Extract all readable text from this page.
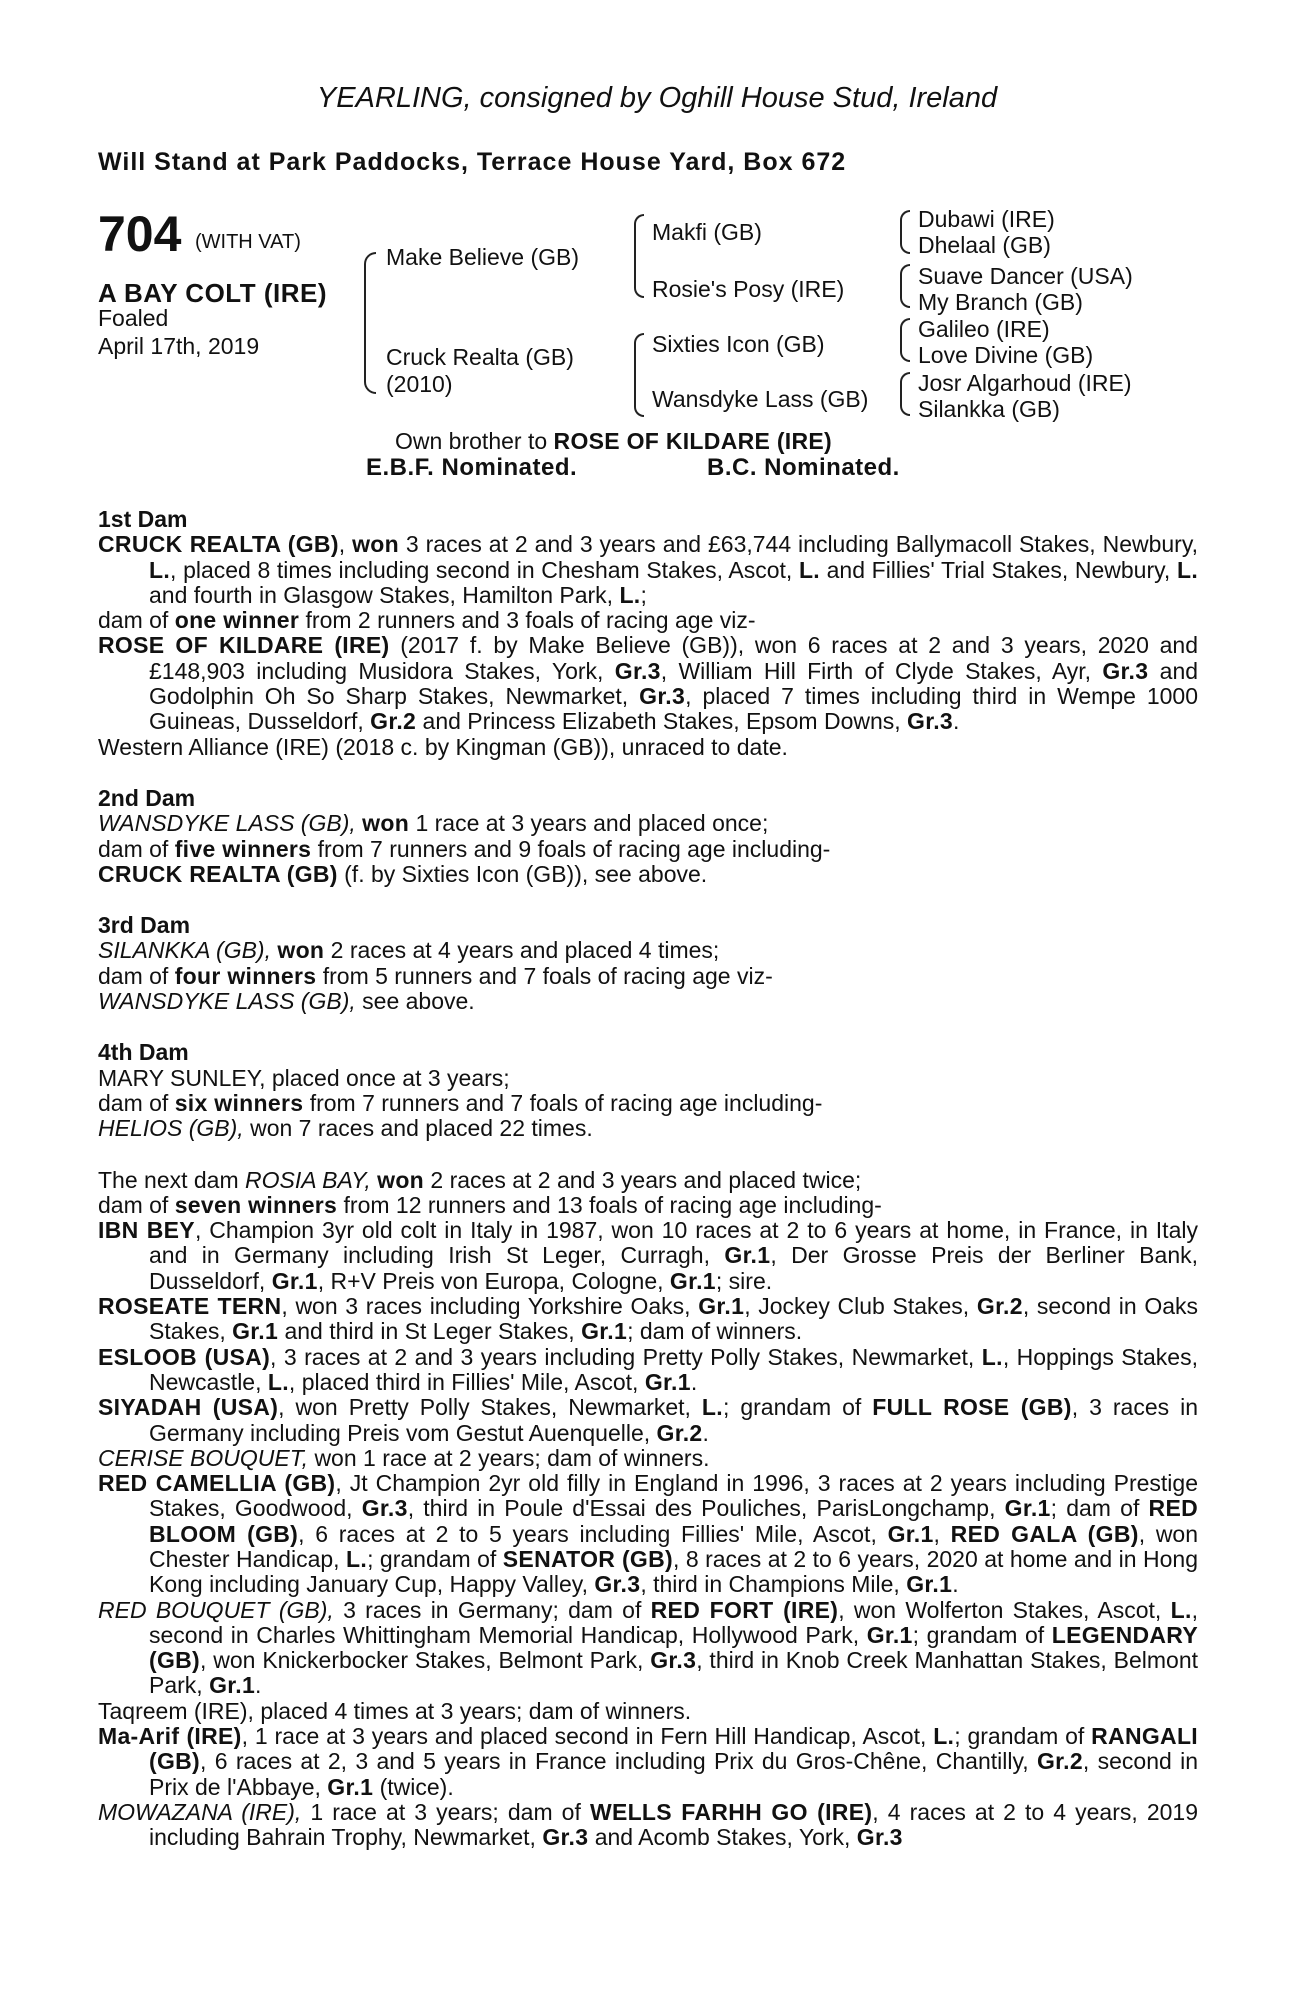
YEARLING, consigned by Oghill House Stud, Ireland
Will Stand at Park Paddocks, Terrace House Yard, Box 672
704 (WITH VAT)
A BAY COLT (IRE)
Foaled
April 17th, 2019
Make Believe (GB)
Cruck Realta (GB)
(2010)
Makfi (GB)
Rosie's Posy (IRE)
Sixties Icon (GB)
Wansdyke Lass (GB)
Dubawi (IRE)
Dhelaal (GB)
Suave Dancer (USA)
My Branch (GB)
Galileo (IRE)
Love Divine (GB)
Josr Algarhoud (IRE)
Silankka (GB)
Own brother to ROSE OF KILDARE (IRE)
E.B.F. Nominated.	B.C. Nominated.

1st Dam

CRUCK REALTA (GB), won 3 races at 2 and 3 years and £63,744 including Ballymacoll Stakes, Newbury, L., placed 8 times including second in Chesham Stakes, Ascot, L. and Fillies' Trial Stakes, Newbury, L. and fourth in Glasgow Stakes, Hamilton Park, L.;

dam of one winner from 2 runners and 3 foals of racing age viz-

ROSE OF KILDARE (IRE) (2017 f. by Make Believe (GB)), won 6 races at 2 and 3 years, 2020 and £148,903 including Musidora Stakes, York, Gr.3, William Hill Firth of Clyde Stakes, Ayr, Gr.3 and Godolphin Oh So Sharp Stakes, Newmarket, Gr.3, placed 7 times including third in Wempe 1000 Guineas, Dusseldorf, Gr.2 and Princess Elizabeth Stakes, Epsom Downs, Gr.3.

Western Alliance (IRE) (2018 c. by Kingman (GB)), unraced to date.

2nd Dam

WANSDYKE LASS (GB), won 1 race at 3 years and placed once;

dam of five winners from 7 runners and 9 foals of racing age including-

CRUCK REALTA (GB) (f. by Sixties Icon (GB)), see above.

3rd Dam

SILANKKA (GB), won 2 races at 4 years and placed 4 times;

dam of four winners from 5 runners and 7 foals of racing age viz-

WANSDYKE LASS (GB), see above.

4th Dam

MARY SUNLEY, placed once at 3 years;

dam of six winners from 7 runners and 7 foals of racing age including-

HELIOS (GB), won 7 races and placed 22 times.

The next dam ROSIA BAY, won 2 races at 2 and 3 years and placed twice;

dam of seven winners from 12 runners and 13 foals of racing age including-

IBN BEY, Champion 3yr old colt in Italy in 1987, won 10 races at 2 to 6 years at home, in France, in Italy and in Germany including Irish St Leger, Curragh, Gr.1, Der Grosse Preis der Berliner Bank, Dusseldorf, Gr.1, R+V Preis von Europa, Cologne, Gr.1; sire.

ROSEATE TERN, won 3 races including Yorkshire Oaks, Gr.1, Jockey Club Stakes, Gr.2, second in Oaks Stakes, Gr.1 and third in St Leger Stakes, Gr.1; dam of winners.

ESLOOB (USA), 3 races at 2 and 3 years including Pretty Polly Stakes, Newmarket, L., Hoppings Stakes, Newcastle, L., placed third in Fillies' Mile, Ascot, Gr.1.

SIYADAH (USA), won Pretty Polly Stakes, Newmarket, L.; grandam of FULL ROSE (GB), 3 races in Germany including Preis vom Gestut Auenquelle, Gr.2.

CERISE BOUQUET, won 1 race at 2 years; dam of winners.

RED CAMELLIA (GB), Jt Champion 2yr old filly in England in 1996, 3 races at 2 years including Prestige Stakes, Goodwood, Gr.3, third in Poule d'Essai des Pouliches, ParisLongchamp, Gr.1; dam of RED BLOOM (GB), 6 races at 2 to 5 years including Fillies' Mile, Ascot, Gr.1, RED GALA (GB), won Chester Handicap, L.; grandam of SENATOR (GB), 8 races at 2 to 6 years, 2020 at home and in Hong Kong including January Cup, Happy Valley, Gr.3, third in Champions Mile, Gr.1.

RED BOUQUET (GB), 3 races in Germany; dam of RED FORT (IRE), won Wolferton Stakes, Ascot, L., second in Charles Whittingham Memorial Handicap, Hollywood Park, Gr.1; grandam of LEGENDARY (GB), won Knickerbocker Stakes, Belmont Park, Gr.3, third in Knob Creek Manhattan Stakes, Belmont Park, Gr.1.

Taqreem (IRE), placed 4 times at 3 years; dam of winners.

Ma-Arif (IRE), 1 race at 3 years and placed second in Fern Hill Handicap, Ascot, L.; grandam of RANGALI (GB), 6 races at 2, 3 and 5 years in France including Prix du Gros-Chêne, Chantilly, Gr.2, second in Prix de l'Abbaye, Gr.1 (twice).

MOWAZANA (IRE), 1 race at 3 years; dam of WELLS FARHH GO (IRE), 4 races at 2 to 4 years, 2019 including Bahrain Trophy, Newmarket, Gr.3 and Acomb Stakes, York, Gr.3
